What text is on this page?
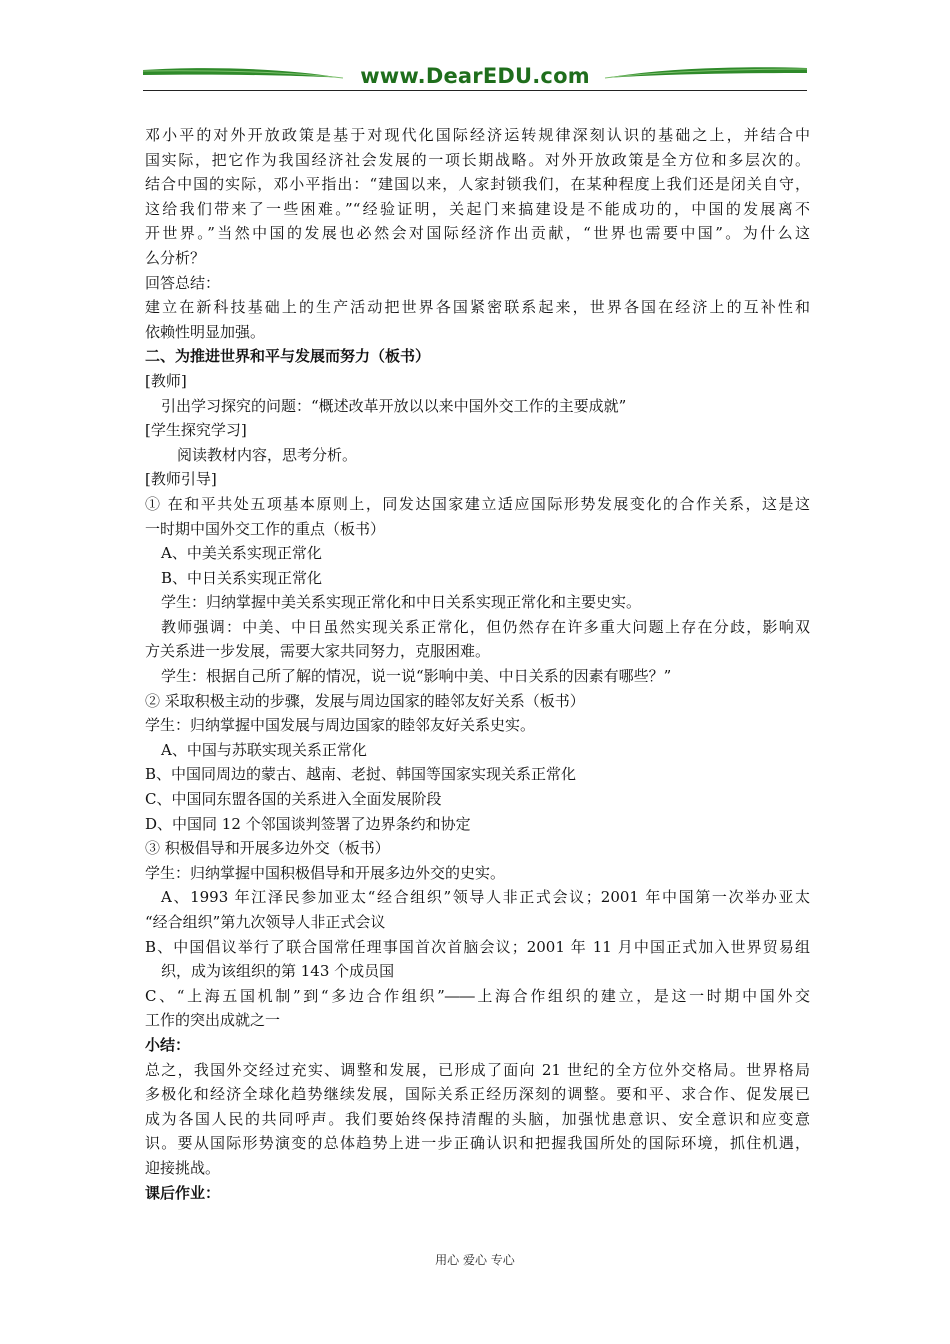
www.DearEDU.com
邓小平的对外开放政策是基于对现代化国际经济运转规律深刻认识的基础之上，并结合中
国实际，把它作为我国经济社会发展的一项长期战略。对外开放政策是全方位和多层次的。
结合中国的实际，邓小平指出：“建国以来，人家封锁我们，在某种程度上我们还是闭关自守，
这给我们带来了一些困难。”“经验证明，关起门来搞建设是不能成功的，中国的发展离不
开世界。”当然中国的发展也必然会对国际经济作出贡献，“世界也需要中国”。为什么这
么分析？
回答总结：
建立在新科技基础上的生产活动把世界各国紧密联系起来，世界各国在经济上的互补性和
依赖性明显加强。
二、为推进世界和平与发展而努力（板书）
[教师]
引出学习探究的问题：“概述改革开放以以来中国外交工作的主要成就”
[学生探究学习]
阅读教材内容，思考分析。
[教师引导]
① 在和平共处五项基本原则上，同发达国家建立适应国际形势发展变化的合作关系，这是这
一时期中国外交工作的重点（板书）
A、中美关系实现正常化
B、中日关系实现正常化
学生：归纳掌握中美关系实现正常化和中日关系实现正常化和主要史实。
教师强调：中美、中日虽然实现关系正常化，但仍然存在许多重大问题上存在分歧，影响双
方关系进一步发展，需要大家共同努力，克服困难。
学生：根据自己所了解的情况，说一说“影响中美、中日关系的因素有哪些？”
② 采取积极主动的步骤，发展与周边国家的睦邻友好关系（板书）
学生：归纳掌握中国发展与周边国家的睦邻友好关系史实。
A、中国与苏联实现关系正常化
B、中国同周边的蒙古、越南、老挝、韩国等国家实现关系正常化
C、中国同东盟各国的关系进入全面发展阶段
D、中国同 12 个邻国谈判签署了边界条约和协定
③ 积极倡导和开展多边外交（板书）
学生：归纳掌握中国积极倡导和开展多边外交的史实。
A、1993 年江泽民参加亚太“经合组织”领导人非正式会议；2001 年中国第一次举办亚太
“经合组织”第九次领导人非正式会议
B、中国倡议举行了联合国常任理事国首次首脑会议；2001 年 11 月中国正式加入世界贸易组
织，成为该组织的第 143 个成员国
C、“上海五国机制”到“多边合作组织”――上海合作组织的建立，是这一时期中国外交
工作的突出成就之一
小结：
总之，我国外交经过充实、调整和发展，已形成了面向 21 世纪的全方位外交格局。世界格局
多极化和经济全球化趋势继续发展，国际关系正经历深刻的调整。要和平、求合作、促发展已
成为各国人民的共同呼声。我们要始终保持清醒的头脑，加强忧患意识、安全意识和应变意
识。要从国际形势演变的总体趋势上进一步正确认识和把握我国所处的国际环境，抓住机遇，
迎接挑战。
课后作业：
用心 爱心 专心
